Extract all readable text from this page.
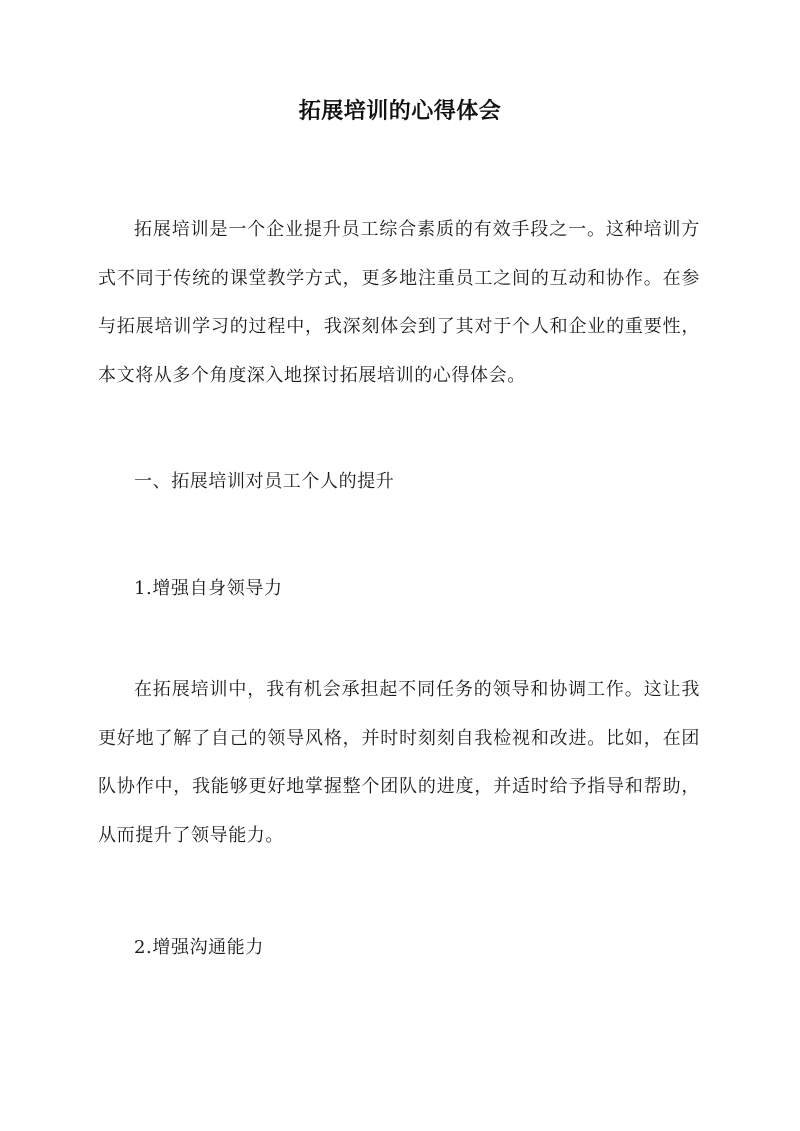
拓展培训的心得体会

拓展培训是一个企业提升员工综合素质的有效手段之一。这种培训方式不同于传统的课堂教学方式，更多地注重员工之间的互动和协作。在参与拓展培训学习的过程中，我深刻体会到了其对于个人和企业的重要性，本文将从多个角度深入地探讨拓展培训的心得体会。

一、拓展培训对员工个人的提升

1.增强自身领导力

在拓展培训中，我有机会承担起不同任务的领导和协调工作。这让我更好地了解了自己的领导风格，并时时刻刻自我检视和改进。比如，在团队协作中，我能够更好地掌握整个团队的进度，并适时给予指导和帮助，从而提升了领导能力。

2.增强沟通能力
